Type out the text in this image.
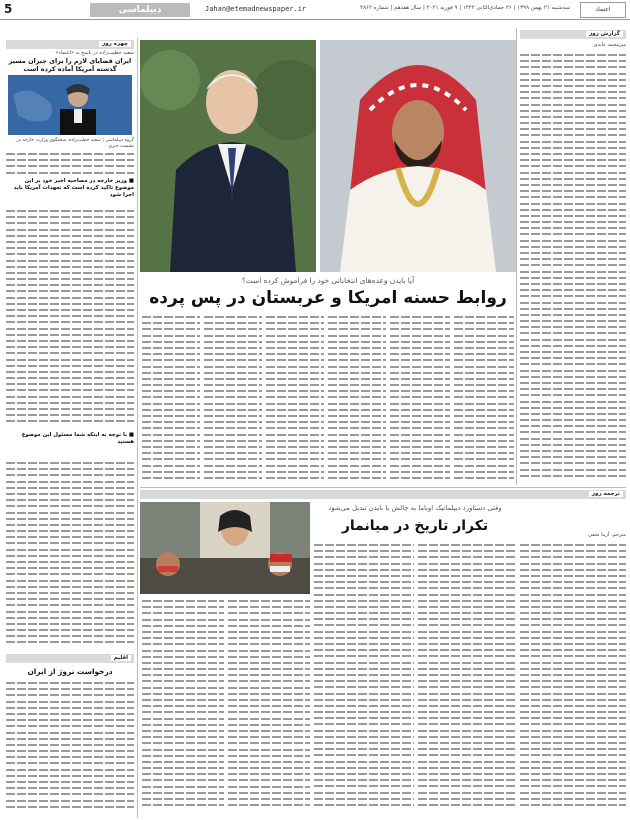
5	دیپلماسی	Jahan@etemadnewspaper.ir	سه‌شنبه ۲۱ بهمن ۱۳۹۹ | ۲۶ جمادی‌الثانی ۱۴۴۲ | ۹ فوریه ۲۰۲۱ | سال هفدهم | شماره ۴۸۶۲	اعتماد
چهره روز
سعید خطیب‌زاده در پاسخ به «اعتماد»
ایران قضایای لازم را برای جبران مسیر گذشته آمریکا آماده کرده است
گروه دیپلماسی | سعید خطیب‌زاده، سخنگوی وزارت خارجه در نشست خبری
■ وزیر خارجه در مصاحبه اخیر خود بر این موضوع تاکید کرده است که تعهدات آمریکا باید اجرا شود
■ با توجه به اینکه شما مسئول این موضوع هستید
اقلیم
درخواست نروژ از ایران
گزارش روز
میرمحمد عابدی
آیا بایدن وعده‌های انتخاباتی خود را فراموش کرده است؟
روابط حسنه امریکا و عربستان در پس پرده
ترجمه روز
وقتی دستاورد دیپلماتیک اوباما به چالش با بایدن تبدیل می‌شود
تکرار تاریخ در میانمار
مترجم: آزیتا نجفی
